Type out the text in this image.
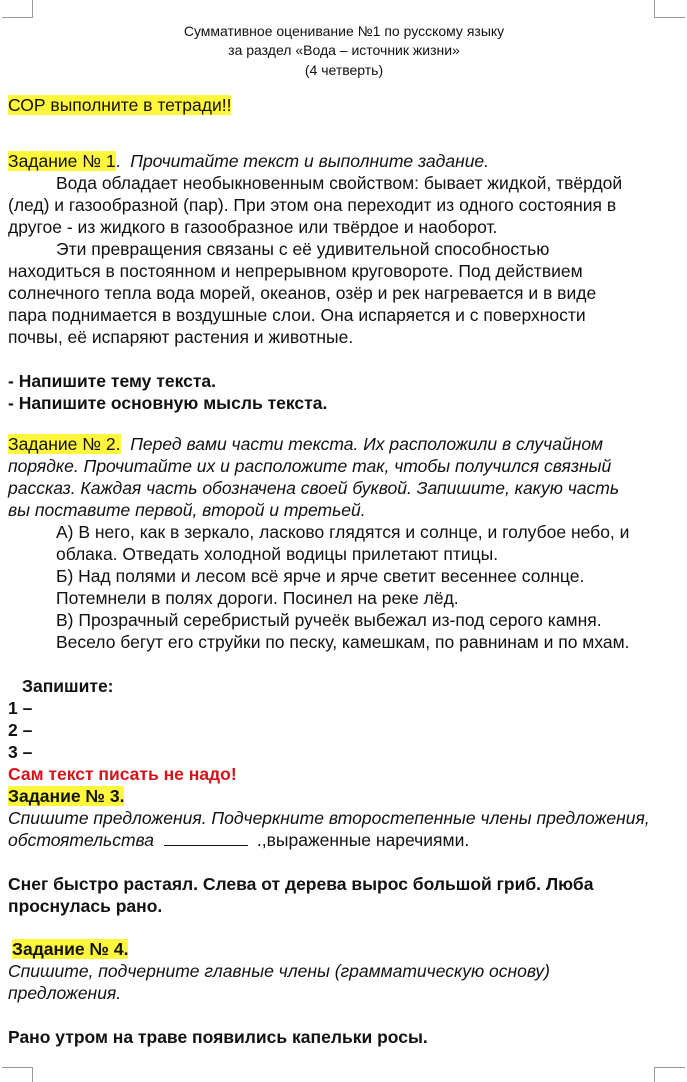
Суммативное оценивание №1 по русскому языку
за раздел «Вода – источник жизни»
(4 четверть)
СОР выполните в тетради!!
Задание № 1. Прочитайте текст и выполните задание.
Вода обладает необыкновенным свойством: бывает жидкой, твёрдой
(лед) и газообразной (пар). При этом она переходит из одного состояния в
другое - из жидкого в газообразное или твёрдое и наоборот.
Эти превращения связаны с её удивительной способностью
находиться в постоянном и непрерывном круговороте. Под действием
солнечного тепла вода морей, океанов, озёр и рек нагревается и в виде
пара поднимается в воздушные слои. Она испаряется и с поверхности
почвы, её испаряют растения и животные.
- Напишите тему текста.
- Напишите основную мысль текста.
Задание № 2. Перед вами части текста. Их расположили в случайном
порядке. Прочитайте их и расположите так, чтобы получился связный
рассказ. Каждая часть обозначена своей буквой. Запишите, какую часть
вы поставите первой, второй и третьей.
А) В него, как в зеркало, ласково глядятся и солнце, и голубое небо, и
облака. Отведать холодной водицы прилетают птицы.
Б) Над полями и лесом всё ярче и ярче светит весеннее солнце.
Потемнели в полях дороги. Посинел на реке лёд.
В) Прозрачный серебристый ручеёк выбежал из-под серого камня.
Весело бегут его струйки по песку, камешкам, по равнинам и по мхам.
Запишите:
1 –
2 –
3 –
Сам текст писать не надо!
Задание № 3.
Спишите предложения. Подчеркните второстепенные члены предложения,
обстоятельства	.,выраженные наречиями.
Снег быстро растаял. Слева от дерева вырос большой гриб. Люба
проснулась рано.
Задание № 4.
Спишите, подчерните главные члены (грамматическую основу)
предложения.
Рано утром на траве появились капельки росы.
